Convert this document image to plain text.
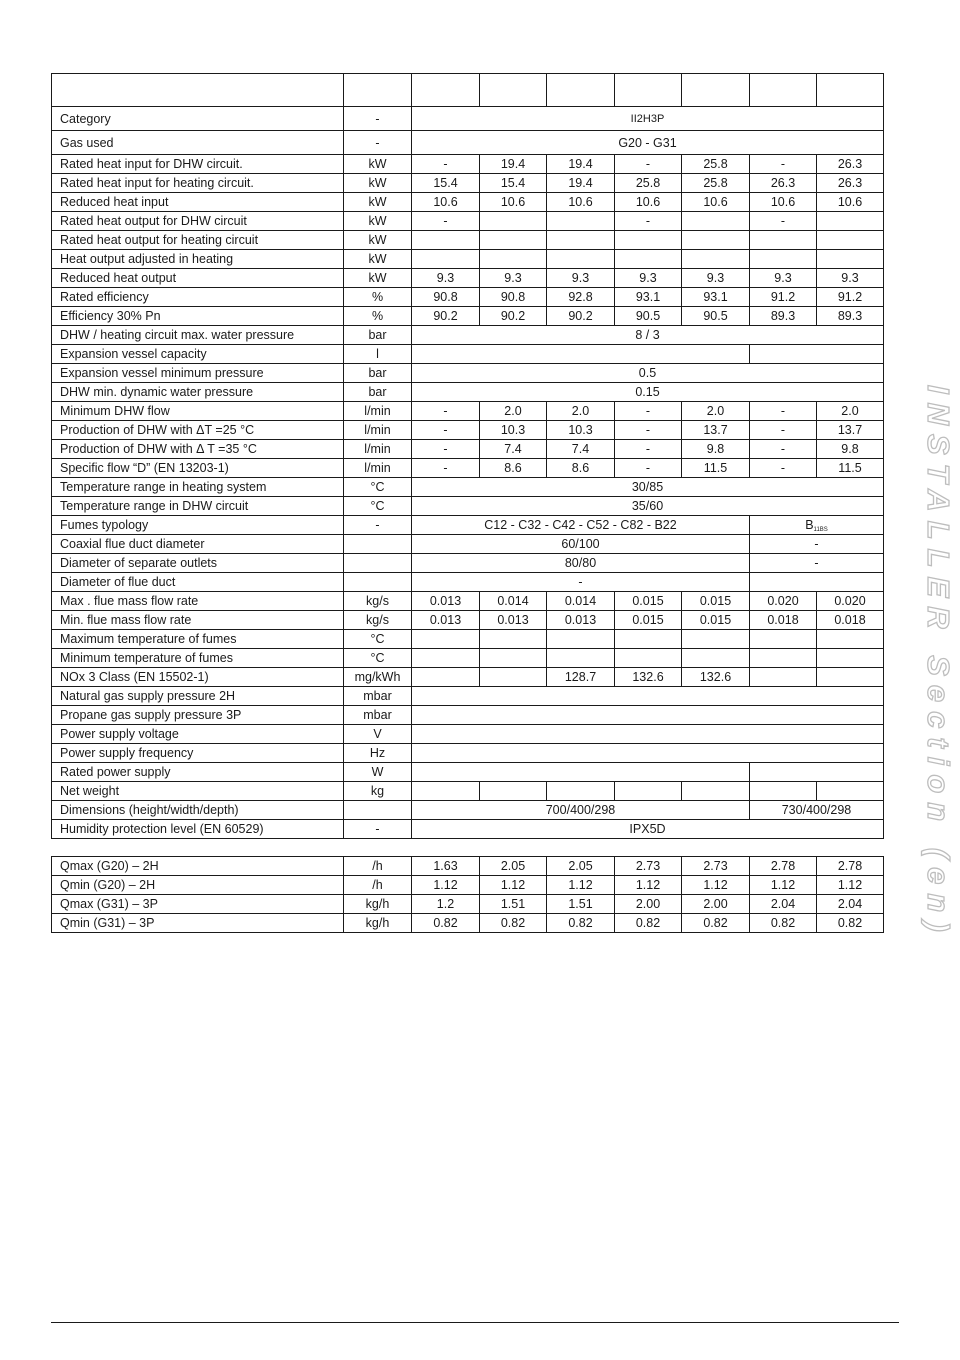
Category	-	II2H3P						
Gas used	-	G20 - G31						
Rated heat input for DHW circuit.	kW	-	19.4	19.4	-	25.8	-	26.3
Rated heat input for heating circuit.	kW	15.4	15.4	19.4	25.8	25.8	26.3	26.3
Reduced heat input	kW	10.6	10.6	10.6	10.6	10.6	10.6	10.6
Rated heat output for DHW circuit	kW	-			-		-	
Rated heat output for heating circuit	kW							
Heat output adjusted in heating	kW							
Reduced heat output	kW	9.3	9.3	9.3	9.3	9.3	9.3	9.3
Rated efficiency	%	90.8	90.8	92.8	93.1	93.1	91.2	91.2
Efficiency 30% Pn	%	90.2	90.2	90.2	90.5	90.5	89.3	89.3
DHW / heating circuit max. water pressure	bar	8 / 3						
Expansion vessel capacity	l							
Expansion vessel minimum pressure	bar	0.5						
DHW min. dynamic water pressure	bar	0.15						
Minimum DHW flow	l/min	-	2.0	2.0	-	2.0	-	2.0
Production of DHW with ΔT =25 °C	l/min	-	10.3	10.3	-	13.7	-	13.7
Production of DHW with Δ T =35 °C	l/min	-	7.4	7.4	-	9.8	-	9.8
Specific flow “D” (EN 13203-1)	l/min	-	8.6	8.6	-	11.5	-	11.5
Temperature range in heating system	°C	30/85						
Temperature range in DHW circuit	°C	35/60						
Fumes typology	-	C12 - C32 - C42 - C52 - C82 - B22					B11BS	
Coaxial flue duct diameter		60/100					-	
Diameter of separate outlets		80/80					-	
Diameter of flue duct		-						
Max . flue mass flow rate	kg/s	0.013	0.014	0.014	0.015	0.015	0.020	0.020
Min. flue mass flow rate	kg/s	0.013	0.013	0.013	0.015	0.015	0.018	0.018
Maximum temperature of fumes	°C							
Minimum temperature of fumes	°C							
NOx 3 Class (EN 15502-1)	mg/kWh			128.7	132.6	132.6		
Natural gas supply pressure 2H	mbar							
Propane gas supply pressure 3P	mbar							
Power supply voltage	V							
Power supply frequency	Hz							
Rated power supply	W							
Net weight	kg							
Dimensions (height/width/depth)		700/400/298					730/400/298	
Humidity protection level (EN 60529)	-	IPX5D						
Qmax (G20) – 2H	/h	1.63	2.05	2.05	2.73	2.73	2.78	2.78
Qmin (G20) – 2H	/h	1.12	1.12	1.12	1.12	1.12	1.12	1.12
Qmax (G31) – 3P	kg/h	1.2	1.51	1.51	2.00	2.00	2.04	2.04
Qmin (G31) – 3P	kg/h	0.82	0.82	0.82	0.82	0.82	0.82	0.82 INSTALLER Section (en)
